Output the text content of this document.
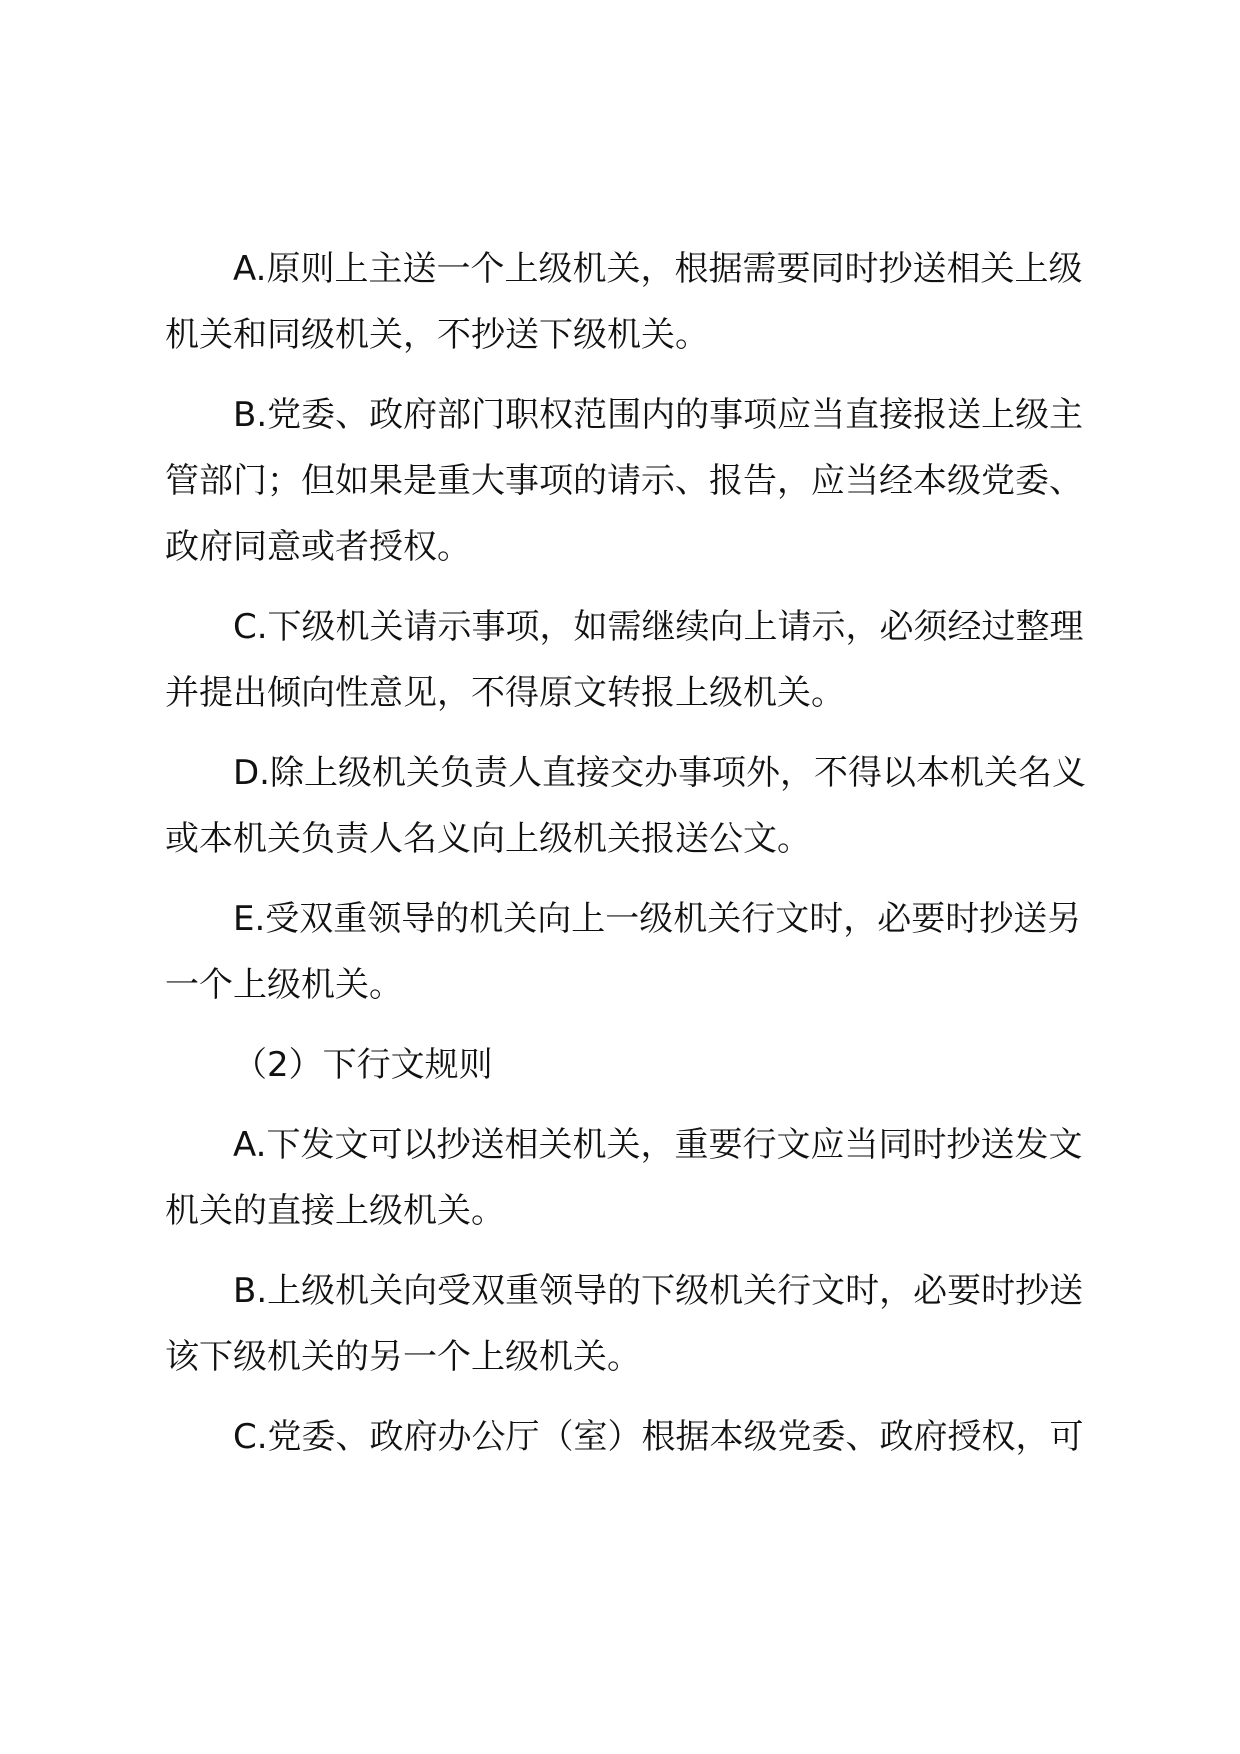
A.原则上主送一个上级机关，根据需要同时抄送相关上级
机关和同级机关，不抄送下级机关。

B.党委、政府部门职权范围内的事项应当直接报送上级主
管部门；但如果是重大事项的请示、报告，应当经本级党委、
政府同意或者授权。

C.下级机关请示事项，如需继续向上请示，必须经过整理
并提出倾向性意见，不得原文转报上级机关。

D.除上级机关负责人直接交办事项外，不得以本机关名义
或本机关负责人名义向上级机关报送公文。

E.受双重领导的机关向上一级机关行文时，必要时抄送另
一个上级机关。

（2）下行文规则

A.下发文可以抄送相关机关，重要行文应当同时抄送发文
机关的直接上级机关。

B.上级机关向受双重领导的下级机关行文时，必要时抄送
该下级机关的另一个上级机关。

C.党委、政府办公厅（室）根据本级党委、政府授权，可
